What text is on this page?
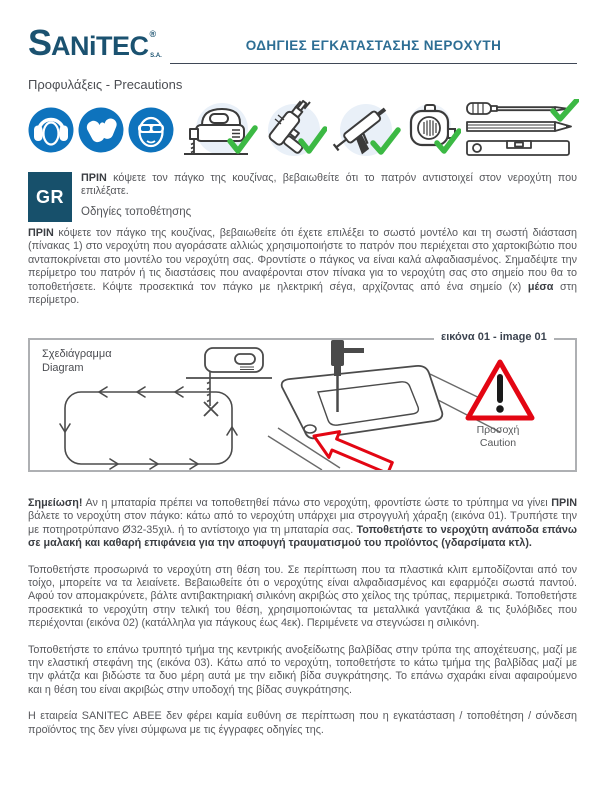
SANiTEC®S.A.
ΟΔΗΓΙΕΣ ΕΓΚΑΤΑΣΤΑΣΗΣ ΝΕΡΟΧΥΤΗ
Προφυλάξεις - Precautions
GR

ΠΡΙΝ κόψετε τον πάγκο της κουζίνας, βεβαιωθείτε ότι το πατρόν αντιστοιχεί στον νεροχύτη που επιλέξατε.

Οδηγίες τοποθέτησης

ΠΡΙΝ κόψετε τον πάγκο της κουζίνας, βεβαιωθείτε ότι έχετε επιλέξει το σωστό μοντέλο και τη σωστή διάσταση (πίνακας 1) στο νεροχύτη που αγοράσατε αλλιώς χρησιμοποιήστε το πατρόν που περιέχεται στο χαρτοκιβώτιο που ανταποκρίνεται στο μοντέλο του νεροχύτη σας. Φροντίστε ο πάγκος να είναι καλά αλφαδιασμένος. Σημαδέψτε την περίμετρο του πατρόν ή τις διαστάσεις που αναφέρονται στον πίνακα για το νεροχύτη σας στο σημείο που θα το τοποθετήσετε. Κόψτε προσεκτικά τον πάγκο με ηλεκτρική σέγα, αρχίζοντας από ένα σημείο (x) μέσα στη περίμετρο.

Σχεδιάγραμμα
Diagram
Προσοχή
Caution
εικόνα 01 - image 01

Σημείωση! Αν η μπαταρία πρέπει να τοποθετηθεί πάνω στο νεροχύτη, φροντίστε ώστε το τρύπημα να γίνει ΠΡΙΝ βάλετε το νεροχύτη στον πάγκο: κάτω από το νεροχύτη υπάρχει μια στρογγυλή χάραξη (εικόνα 01). Τρυπήστε την με ποτηροτρύπανο Ø32-35χιλ. ή το αντίστοιχο για τη μπαταρία σας. Τοποθετήστε το νεροχύτη ανάποδα επάνω σε μαλακή και καθαρή επιφάνεια για την αποφυγή τραυματισμού του προϊόντος (γδαρσίματα κτλ).

Τοποθετήστε προσωρινά το νεροχύτη στη θέση του. Σε περίπτωση που τα πλαστικά κλιπ εμποδίζονται από τον τοίχο, μπορείτε να τα λειαίνετε. Βεβαιωθείτε ότι ο νεροχύτης είναι αλφαδιασμένος και εφαρμόζει σωστά παντού. Αφού τον απομακρύνετε, βάλτε αντιβακτηριακή σιλικόνη ακριβώς στο χείλος της τρύπας, περιμετρικά. Τοποθετήστε προσεκτικά το νεροχύτη στην τελική του θέση, χρησιμοποιώντας τα μεταλλικά γαντζάκια & τις ξυλόβιδες που περιέχονται (εικόνα 02) (κατάλληλα για πάγκους έως 4εκ). Περιμένετε να στεγνώσει η σιλικόνη.

Τοποθετήστε το επάνω τρυπητό τμήμα της κεντρικής ανοξείδωτης βαλβίδας στην τρύπα της αποχέτευσης, μαζί με την ελαστική στεφάνη της (εικόνα 03). Κάτω από το νεροχύτη, τοποθετήστε το κάτω τμήμα της βαλβίδας μαζί με την φλάτζα και βιδώστε τα δυο μέρη αυτά με την ειδική βίδα συγκράτησης. Το επάνω σχαράκι είναι αφαιρούμενο και η θέση του είναι ακριβώς στην υποδοχή της βίδας συγκράτησης.

Η εταιρεία SANITEC ΑΒΕΕ δεν φέρει καμία ευθύνη σε περίπτωση που η εγκατάσταση / τοποθέτηση / σύνδεση προϊόντος της δεν γίνει σύμφωνα με τις έγγραφες οδηγίες της.
